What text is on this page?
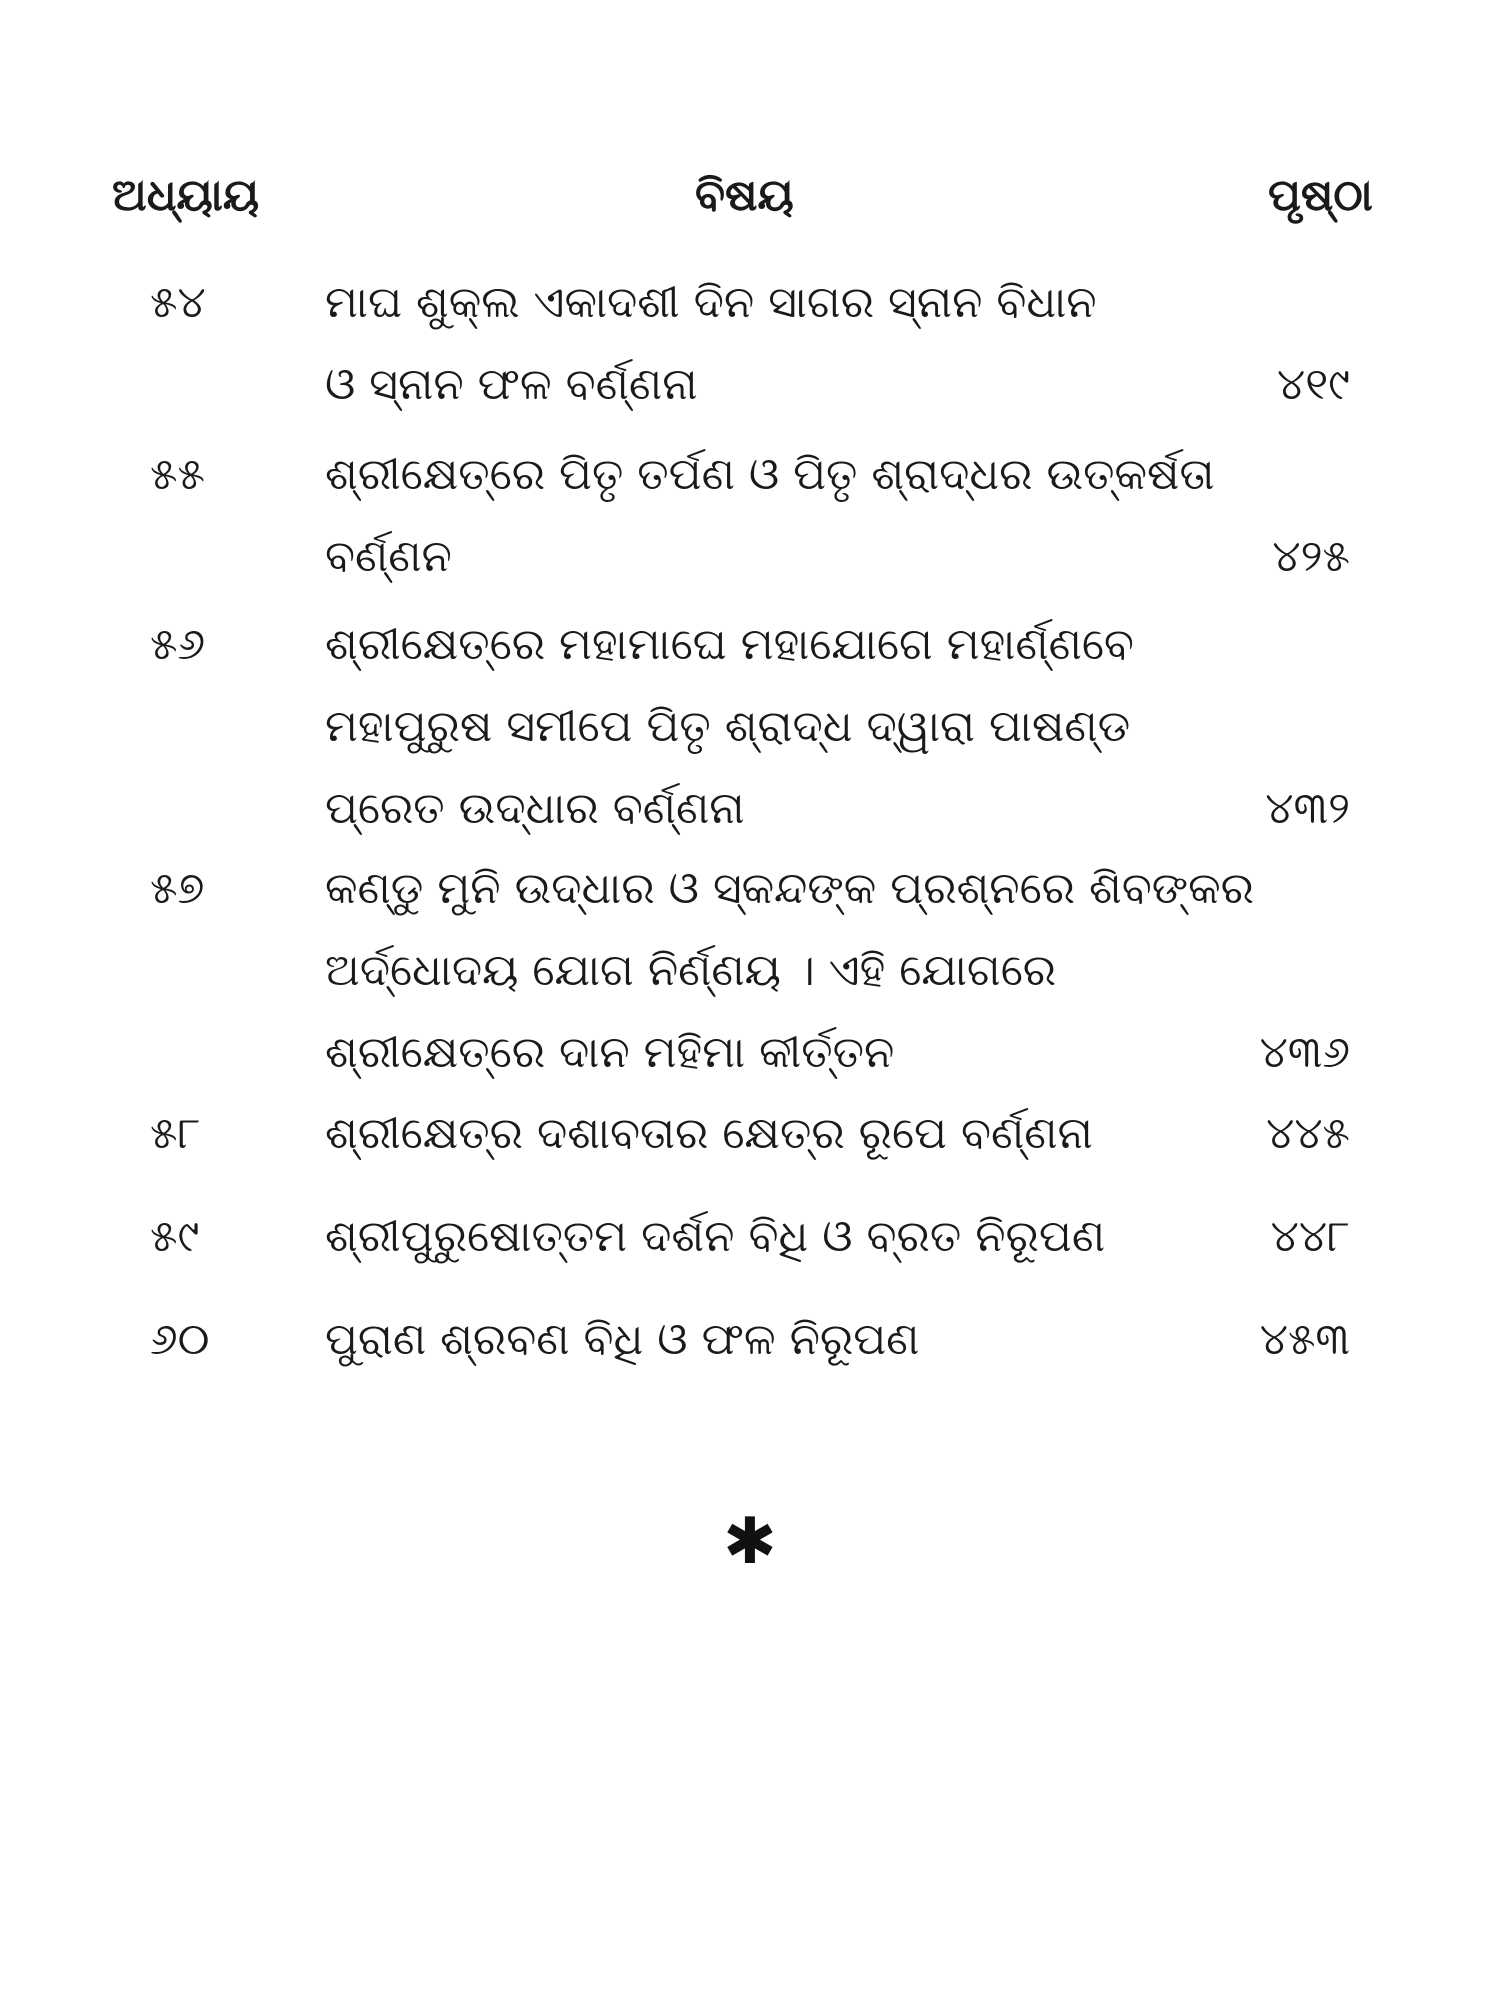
ଅଧ୍ୟାୟ	ବିଷୟ	ପୃଷ୍ଠା
୫୪	ମାଘ ଶୁକ୍ଲ ଏକାଦଶୀ ଦିନ ସାଗର ସ୍ନାନ ବିଧାନ
ଓ ସ୍ନାନ ଫଳ ବର୍ଣ୍ଣନା	୪୧୯
୫୫	ଶ୍ରୀକ୍ଷେତ୍ରେ ପିତୃ ତର୍ପଣ ଓ ପିତୃ ଶ୍ରାଦ୍ଧର ଉତ୍କର୍ଷତା
ବର୍ଣ୍ଣନ	୪୨୫
୫୬	ଶ୍ରୀକ୍ଷେତ୍ରେ ମହାମାଘେ ମହାଯୋଗେ ମହାର୍ଣ୍ଣବେ
ମହାପୁରୁଷ ସମୀପେ ପିତୃ ଶ୍ରାଦ୍ଧ ଦ୍ୱାରା ପାଷଣ୍ଡ
ପ୍ରେତ ଉଦ୍ଧାର ବର୍ଣ୍ଣନା	୪୩୨
୫୭	କଣ୍ଡୁ ମୁନି ଉଦ୍ଧାର ଓ ସ୍କନ୍ଦଙ୍କ ପ୍ରଶ୍ନରେ ଶିବଙ୍କର
ଅର୍ଦ୍ଧୋଦୟ ଯୋଗ ନିର୍ଣ୍ଣୟ । ଏହି ଯୋଗରେ
ଶ୍ରୀକ୍ଷେତ୍ରେ ଦାନ ମହିମା କୀର୍ତ୍ତନ	୪୩୬
୫୮	ଶ୍ରୀକ୍ଷେତ୍ର ଦଶାବତାର କ୍ଷେତ୍ର ରୂପେ ବର୍ଣ୍ଣନା	୪୪୫
୫୯	ଶ୍ରୀପୁରୁଷୋତ୍ତମ ଦର୍ଶନ ବିଧି ଓ ବ୍ରତ ନିରୂପଣ	୪୪୮
୬୦	ପୁରାଣ ଶ୍ରବଣ ବିଧି ଓ ଫଳ ନିରୂପଣ	୪୫୩
✱
